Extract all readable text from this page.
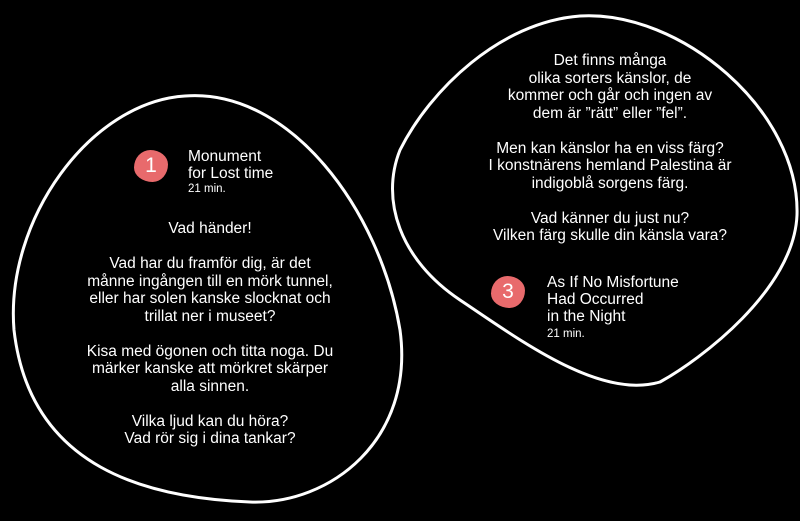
1	Monument
for Lost time
21 min.
Vad händer!
Vad har du framför dig, är det
månne ingången till en mörk tunnel,
eller har solen kanske slocknat och
trillat ner i museet?
Kisa med ögonen och titta noga. Du
märker kanske att mörkret skärper
alla sinnen.
Vilka ljud kan du höra?
Vad rör sig i dina tankar?
3	As If No Misfortune
Had Occurred
in the Night
21 min.
Det finns många
olika sorters känslor, de
kommer och går och ingen av
dem är ”rätt” eller ”fel”.
Men kan känslor ha en viss färg?
I konstnärens hemland Palestina är
indigoblå sorgens färg.
Vad känner du just nu?
Vilken färg skulle din känsla vara?
